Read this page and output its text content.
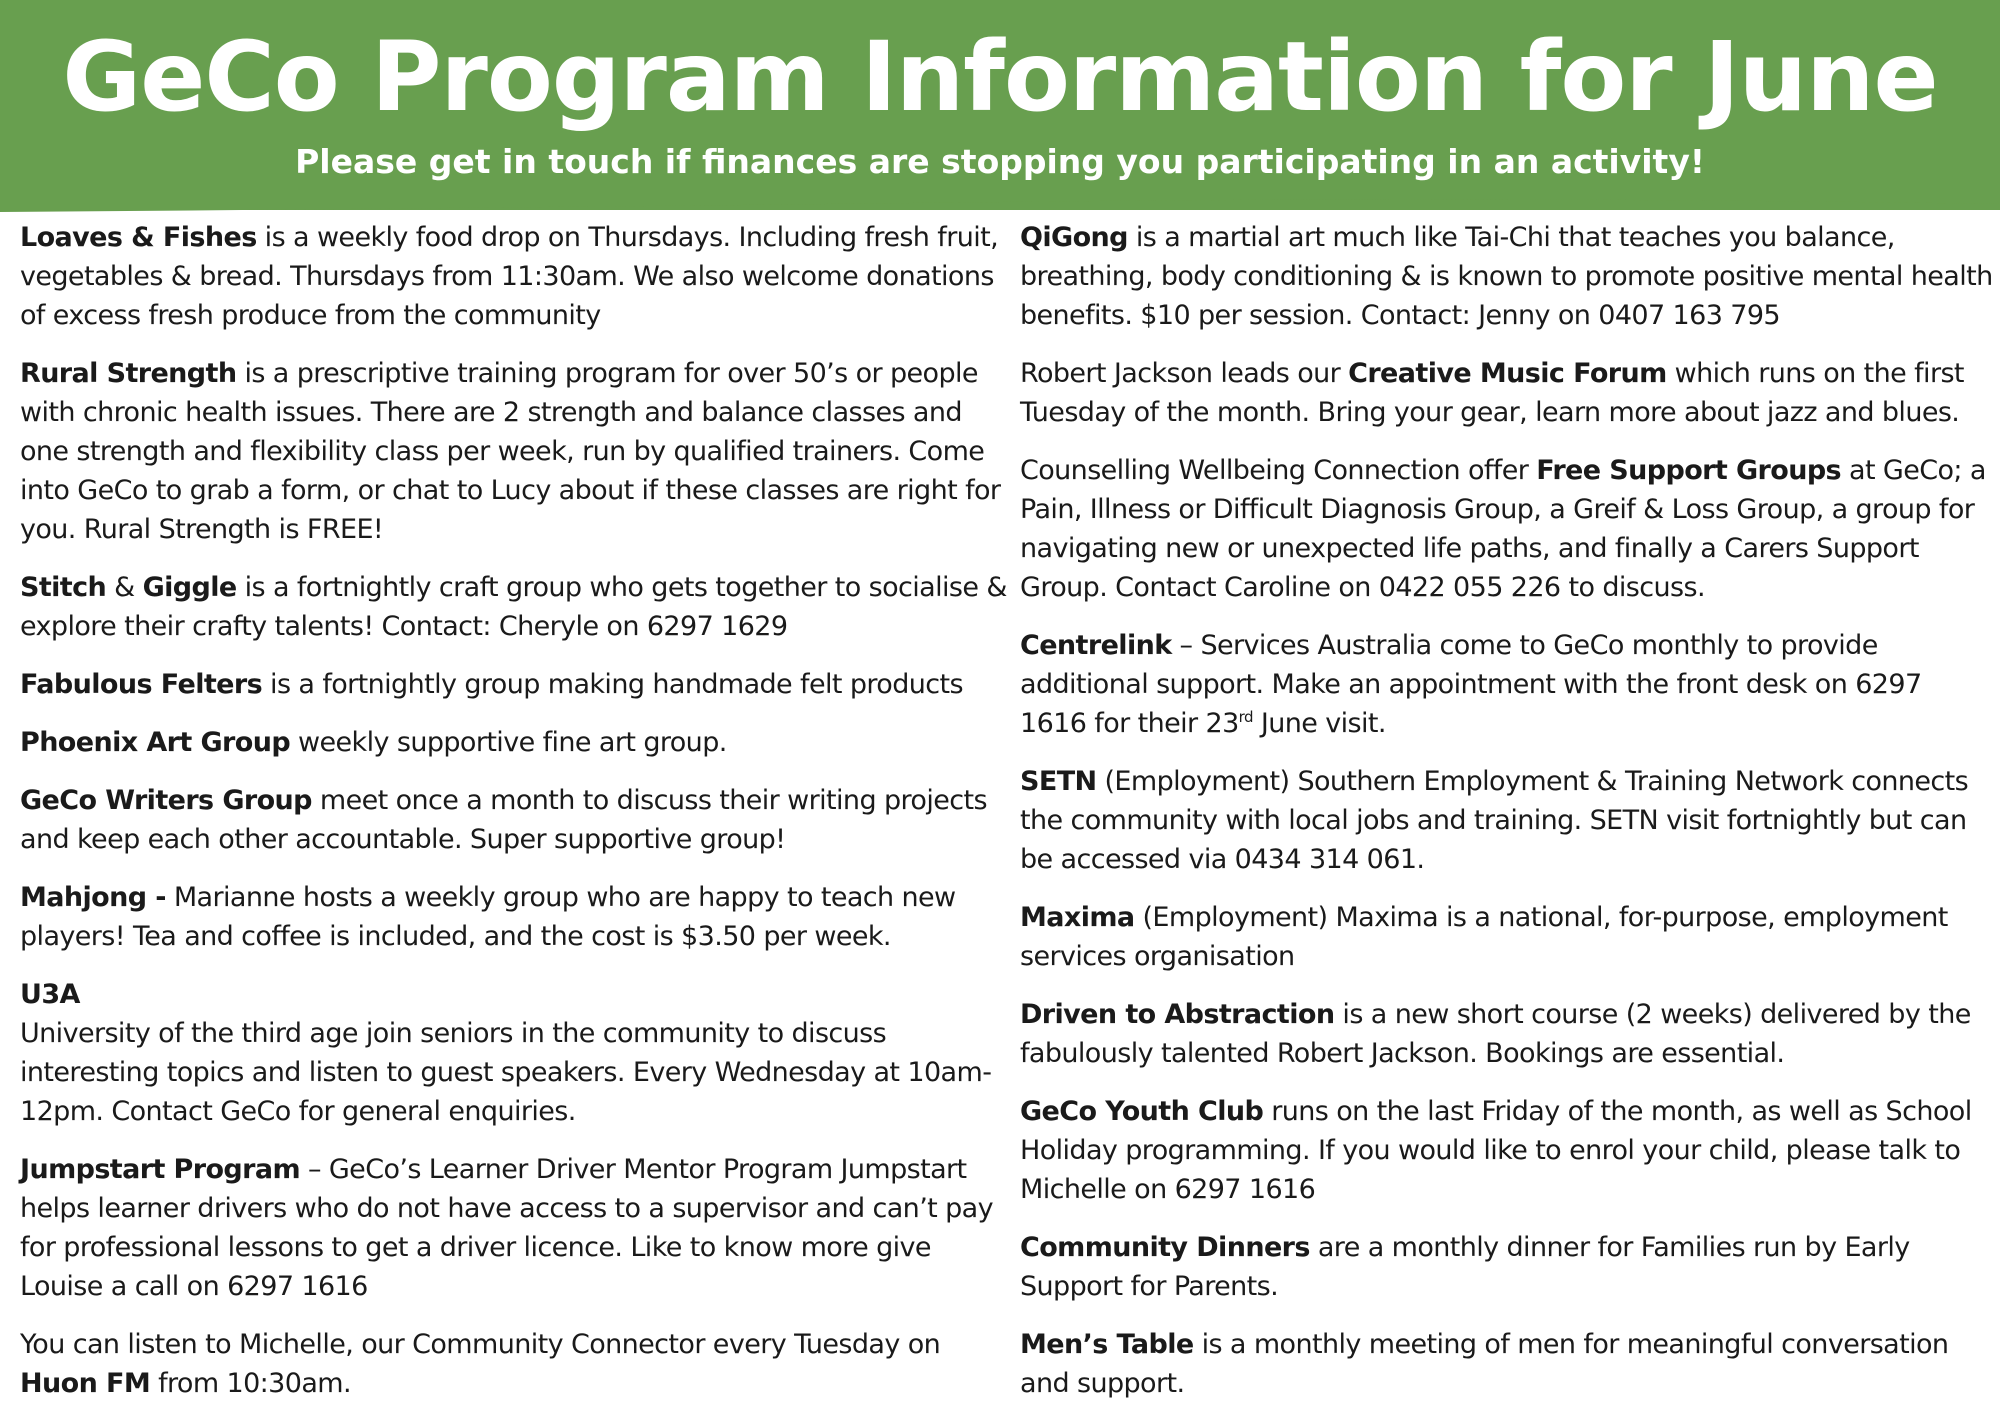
GeCo Program Information for June
Please get in touch if finances are stopping you participating in an activity!

Loaves & Fishes is a weekly food drop on Thursdays. Including fresh fruit, vegetables & bread. Thursdays from 11:30am. We also welcome donations of excess fresh produce from the community

Rural Strength is a prescriptive training program for over 50’s or people with chronic health issues. There are 2 strength and balance classes and one strength and flexibility class per week, run by qualified trainers. Come into GeCo to grab a form, or chat to Lucy about if these classes are right for you. Rural Strength is FREE!

Stitch & Giggle is a fortnightly craft group who gets together to socialise & explore their crafty talents! Contact: Cheryle on 6297 1629

Fabulous Felters is a fortnightly group making handmade felt products

Phoenix Art Group weekly supportive fine art group.

GeCo Writers Group meet once a month to discuss their writing projects and keep each other accountable. Super supportive group!

Mahjong - Marianne hosts a weekly group who are happy to teach new players! Tea and coffee is included, and the cost is $3.50 per week.

U3A
University of the third age join seniors in the community to discuss interesting topics and listen to guest speakers. Every Wednesday at 10am-12pm. Contact GeCo for general enquiries.

Jumpstart Program – GeCo’s Learner Driver Mentor Program Jumpstart helps learner drivers who do not have access to a supervisor and can’t pay for professional lessons to get a driver licence. Like to know more give Louise a call on 6297 1616

You can listen to Michelle, our Community Connector every Tuesday on Huon FM from 10:30am.

QiGong is a martial art much like Tai-Chi that teaches you balance, breathing, body conditioning & is known to promote positive mental health benefits. $10 per session. Contact: Jenny on 0407 163 795

Robert Jackson leads our Creative Music Forum which runs on the first Tuesday of the month. Bring your gear, learn more about jazz and blues.

Counselling Wellbeing Connection offer Free Support Groups at GeCo; a Pain, Illness or Difficult Diagnosis Group, a Greif & Loss Group, a group for navigating new or unexpected life paths, and finally a Carers Support Group. Contact Caroline on 0422 055 226 to discuss.

Centrelink – Services Australia come to GeCo monthly to provide additional support. Make an appointment with the front desk on 6297 1616 for their 23rd June visit.

SETN (Employment) Southern Employment & Training Network connects the community with local jobs and training. SETN visit fortnightly but can be accessed via 0434 314 061.

Maxima (Employment) Maxima is a national, for-purpose, employment services organisation

Driven to Abstraction is a new short course (2 weeks) delivered by the fabulously talented Robert Jackson. Bookings are essential.

GeCo Youth Club runs on the last Friday of the month, as well as School Holiday programming. If you would like to enrol your child, please talk to Michelle on 6297 1616

Community Dinners are a monthly dinner for Families run by Early Support for Parents.

Men’s Table is a monthly meeting of men for meaningful conversation and support.
